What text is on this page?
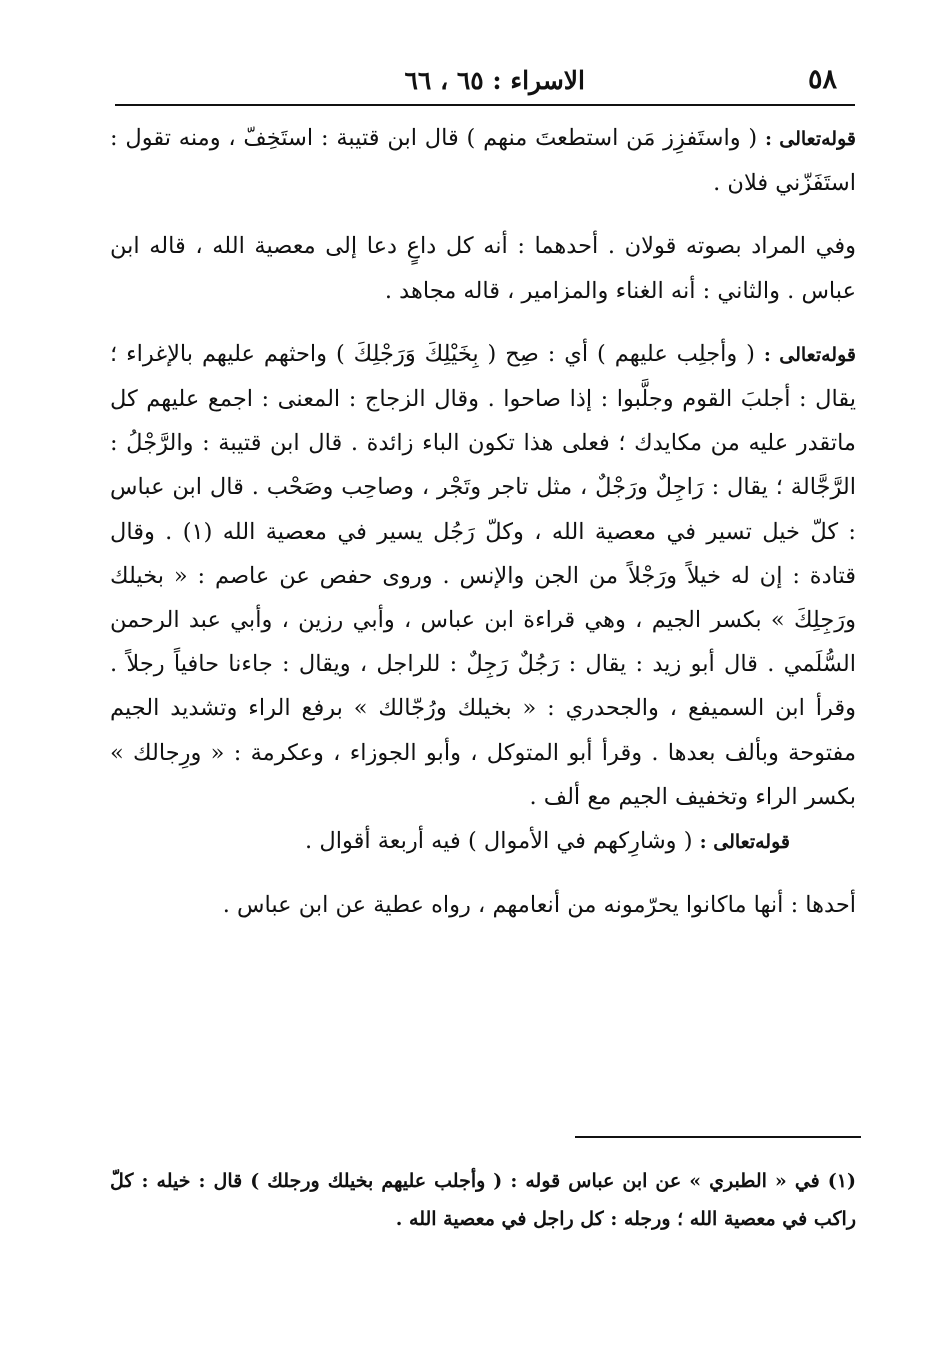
٥٨
الاسراء : ٦٥ ، ٦٦

قوله‌تعالى : ( واستَفزِز مَن استطعتَ منهم ) قال ابن قتيبة : استَخِفّ ، ومنه تقول : استَفَزّني فلان .

وفي المراد بصوته قولان . أحدهما : أنه كل داعٍ دعا إلى معصية الله ، قاله ابن عباس . والثاني : أنه الغناء والمزامير ، قاله مجاهد .

قوله‌تعالى : ( وأجلِب عليهم ) أي : صِح ( بِخَيْلِكَ وَرَجْلِكَ ) واحثهم عليهم بالإغراء ؛ يقال : أجلبَ القوم وجلَّبوا : إذا صاحوا . وقال الزجاج : المعنى : اجمع عليهم كل ماتقدر عليه من مكايدك ؛ فعلى هذا تكون الباء زائدة . قال ابن قتيبة : والرَّجْلُ : الرَّجَّالة ؛ يقال : رَاجِلٌ ورَجْلٌ ، مثل تاجر وتَجْر ، وصاحِب وصَحْب . قال ابن عباس : كلّ خيل تسير في معصية الله ، وكلّ رَجُل يسير في معصية الله (١) . وقال قتادة : إن له خيلاً ورَجْلاً من الجن والإنس . وروى حفص عن عاصم : « بخيلك ورَجِلِكَ » بكسر الجيم ، وهي قراءة ابن عباس ، وأبي رزين ، وأبي عبد الرحمن السُّلَمي . قال أبو زيد : يقال : رَجُلٌ رَجِلٌ : للراجل ، ويقال : جاءنا حافياً رجلاً . وقرأ ابن السميفع ، والجحدري : « بخيلك ورُجّالك » برفع الراء وتشديد الجيم مفتوحة وبألف بعدها . وقرأ أبو المتوكل ، وأبو الجوزاء ، وعكرمة : « ورِجالك » بكسر الراء وتخفيف الجيم مع ألف .

قوله‌تعالى : ( وشارِكهم في الأموال ) فيه أربعة أقوال .

أحدها : أنها ماكانوا يحرّمونه من أنعامهم ، رواه عطية عن ابن عباس .

(١) في « الطبري » عن ابن عباس قوله : ( وأجلب عليهم بخيلك ورجلك ) قال : خيله : كلّ راكب في معصية الله ؛ ورجله : كل راجل في معصية الله .
